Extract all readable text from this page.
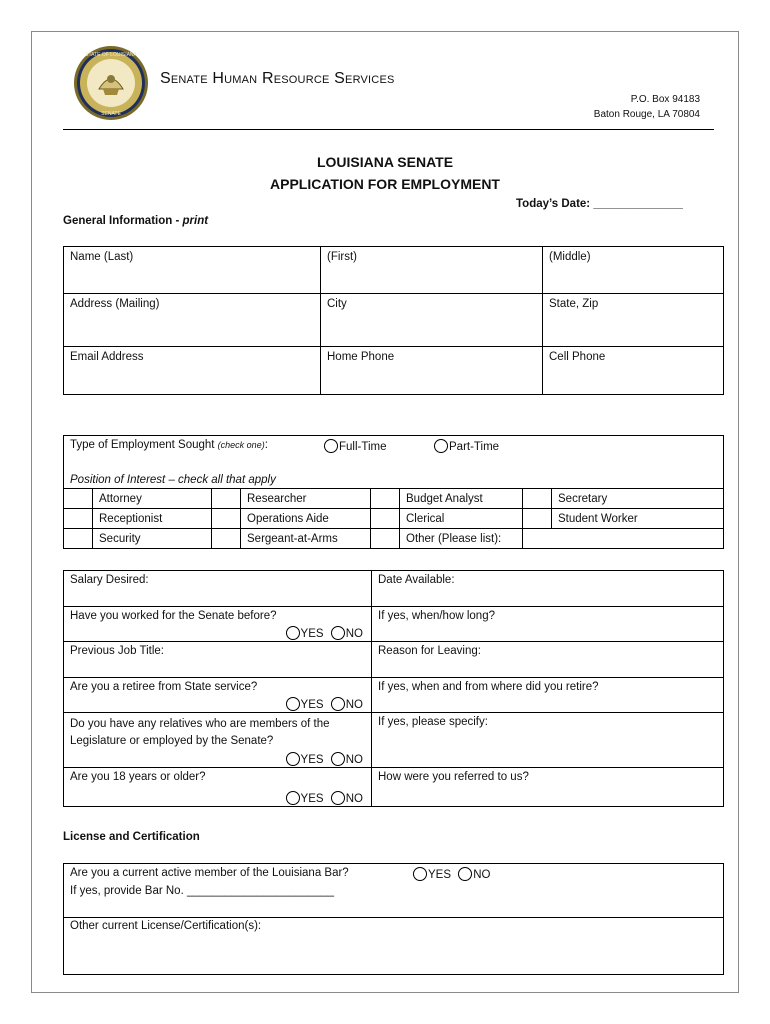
STATE OF LOUISIANA
SENATE
Senate Human Resource Services
P.O. Box 94183
Baton Rouge, LA 70804
LOUISIANA SENATE
APPLICATION FOR EMPLOYMENT
Today’s Date: ______________
General Information - print
Name (Last)	(First)	(Middle)
Address (Mailing)	City	State, Zip
Email Address	Home Phone	Cell Phone
Type of Employment Sought (check one):	Full-Time	Part-Time
Position of Interest – check all that apply
	Attorney		Researcher		Budget Analyst		Secretary
	Receptionist		Operations Aide		Clerical		Student Worker
	Security		Sergeant-at-Arms		Other (Please list):		
Salary Desired:	Date Available:

Have you worked for the Senate before?
YES NO	If yes, when/how long?
Previous Job Title:	Reason for Leaving:

Are you a retiree from State service?
YES NO	If yes, when and from where did you retire?

Do you have any relatives who are members of the Legislature or employed by the Senate?
YES NO	If yes, please specify:

Are you 18 years or older?
YES NO	How were you referred to us?
License and Certification
Are you a current active member of the Louisiana Bar?	YES NO
If yes, provide Bar No. _______________________
Other current License/Certification(s):
